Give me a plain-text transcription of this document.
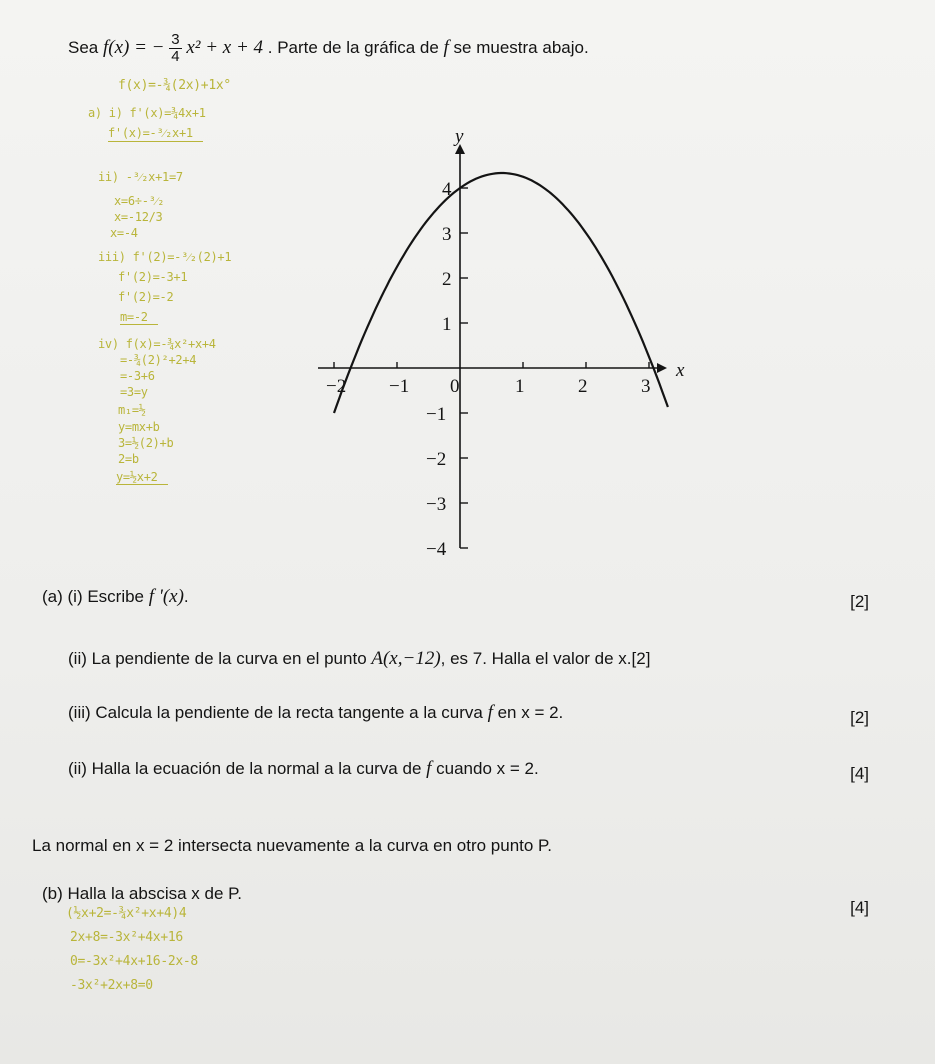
Sea f(x) = − $\frac{3}{4} x^2 + x + 4$ . Parte de la gráfica de f se muestra abajo.
f(x)=-¾(2x)+1x°
a) i) f'(x)=¾4x+1
f'(x)=-³⁄₂x+1
ii) -³⁄₂x+1=7
x=6÷-³⁄₂
x=-12/3
x=-4
iii) f'(2)=-³⁄₂(2)+1
f'(2)=-3+1
f'(2)=-2
m=-2
iv) f(x)=-¾x²+x+4
=-¾(2)²+2+4
=-3+6
=3=y
m₁=½
y=mx+b
3=½(2)+b
2=b
y=½x+2
x
y
−2 −1 0	1	2	3
4
3
2
1
−1
−2
−3
−4
(a) (i) Escribe f '(x).	[2]
(ii) La pendiente de la curva en el punto A(x,−12), es 7. Halla el valor de x.[2]
(iii) Calcula la pendiente de la recta tangente a la curva f en x = 2.	[2]
(ii) Halla la ecuación de la normal a la curva de f cuando x = 2.	[4]
La normal en x = 2 intersecta nuevamente a la curva en otro punto P.
(b) Halla la abscisa x de P.
[4]
(½x+2=-¾x²+x+4)4
2x+8=-3x²+4x+16
0=-3x²+4x+16-2x-8
-3x²+2x+8=0
